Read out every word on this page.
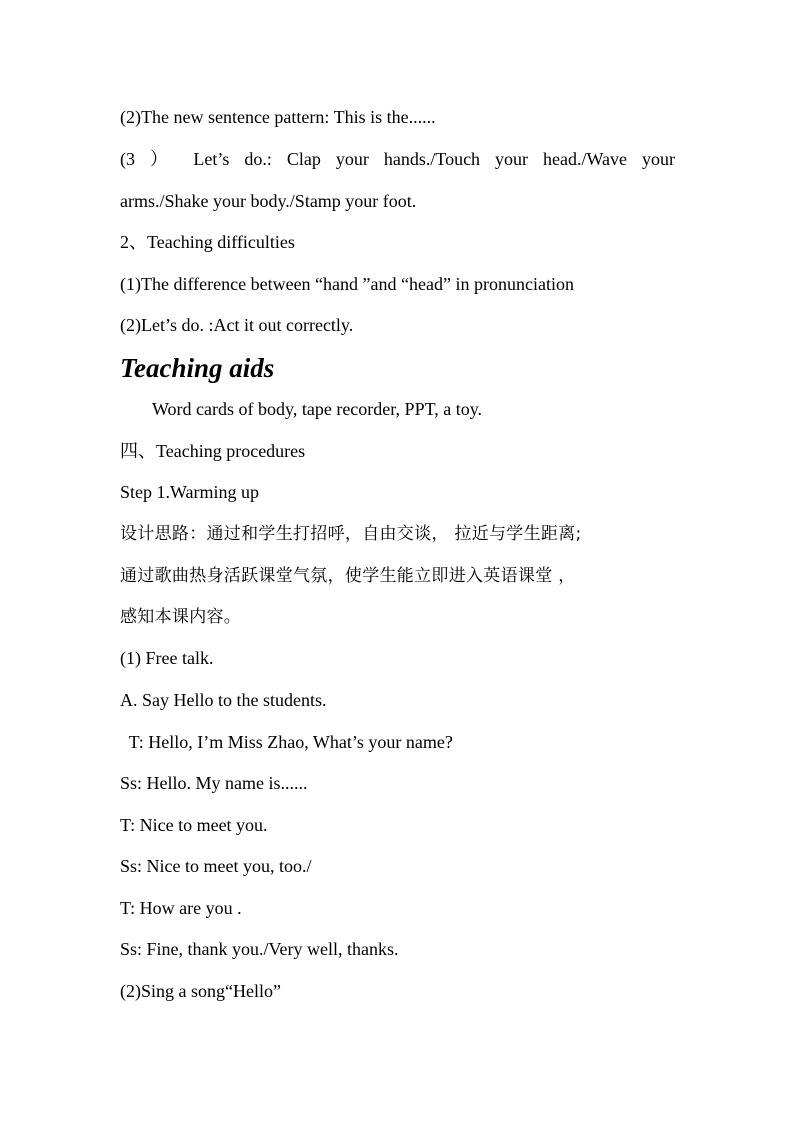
(2)The new sentence pattern: This is the......
(3 ） Let’s do.: Clap your hands./Touch your head./Wave your
arms./Shake your body./Stamp your foot.
2、Teaching difficulties
(1)The difference between “hand ”and “head” in pronunciation
(2)Let’s do. :Act it out correctly.
Teaching aids
Word cards of body, tape recorder, PPT, a toy.
四、Teaching procedures
Step 1.Warming up
设计思路：通过和学生打招呼，自由交谈， 拉近与学生距离;
通过歌曲热身活跃课堂气氛，使学生能立即进入英语课堂 ，
感知本课内容。
(1) Free talk.
A. Say Hello to the students.
T: Hello, I’m Miss Zhao, What’s your name?
Ss: Hello. My name is......
T: Nice to meet you.
Ss: Nice to meet you, too./
T: How are you .
Ss: Fine, thank you./Very well, thanks.
(2)Sing a song“Hello”
